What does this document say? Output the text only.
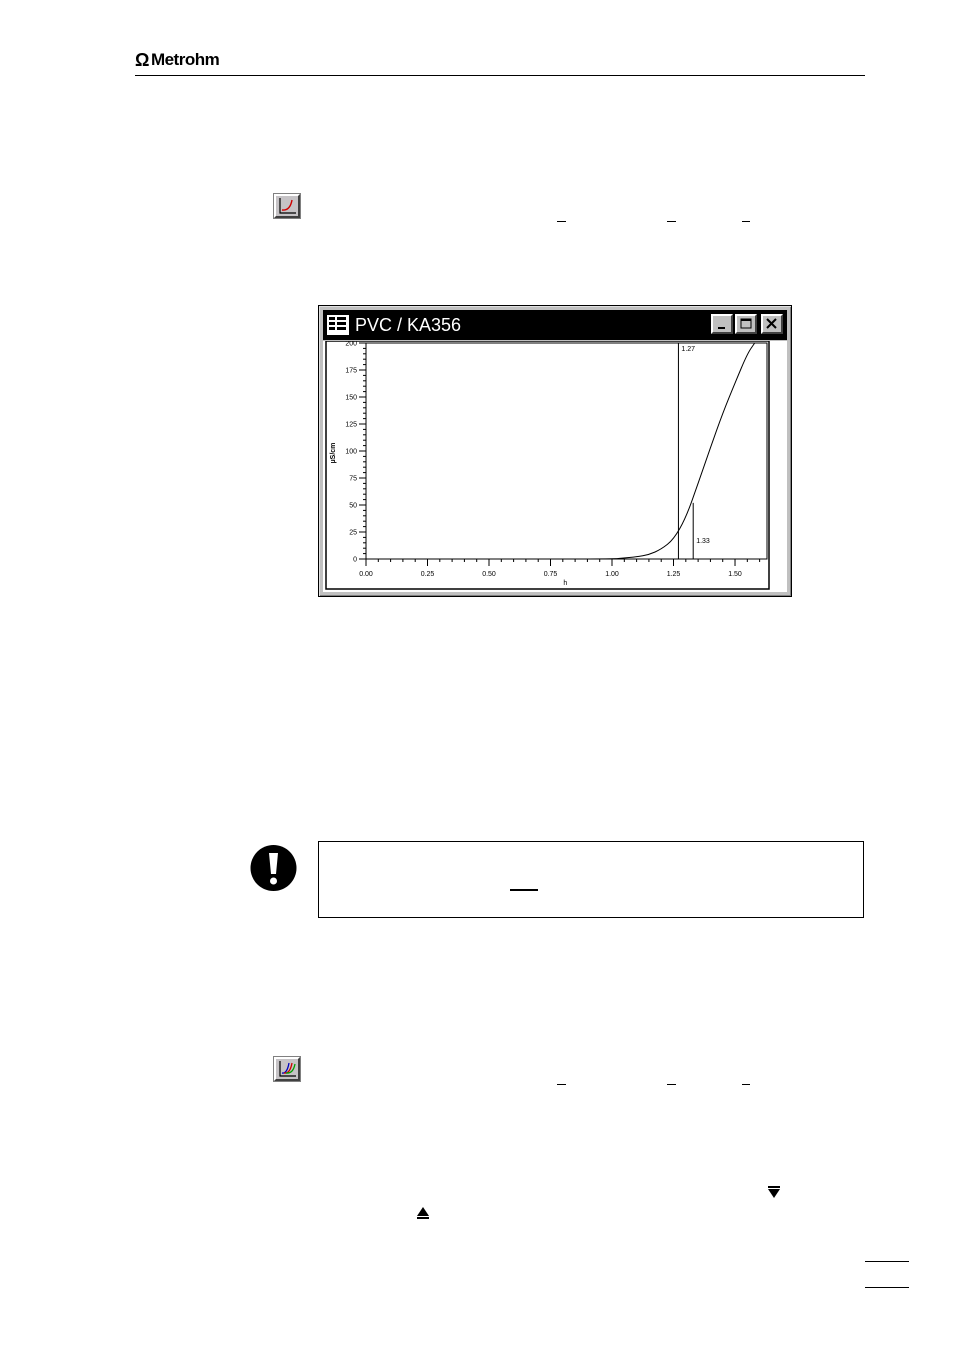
Ω Metrohm
PVC / KA356
0.00	0.25	0.50	0.75	1.00	1.25	1.50
0
25
50
75
100
125
150
175
200
h
µS/cm
1.27
1.33
